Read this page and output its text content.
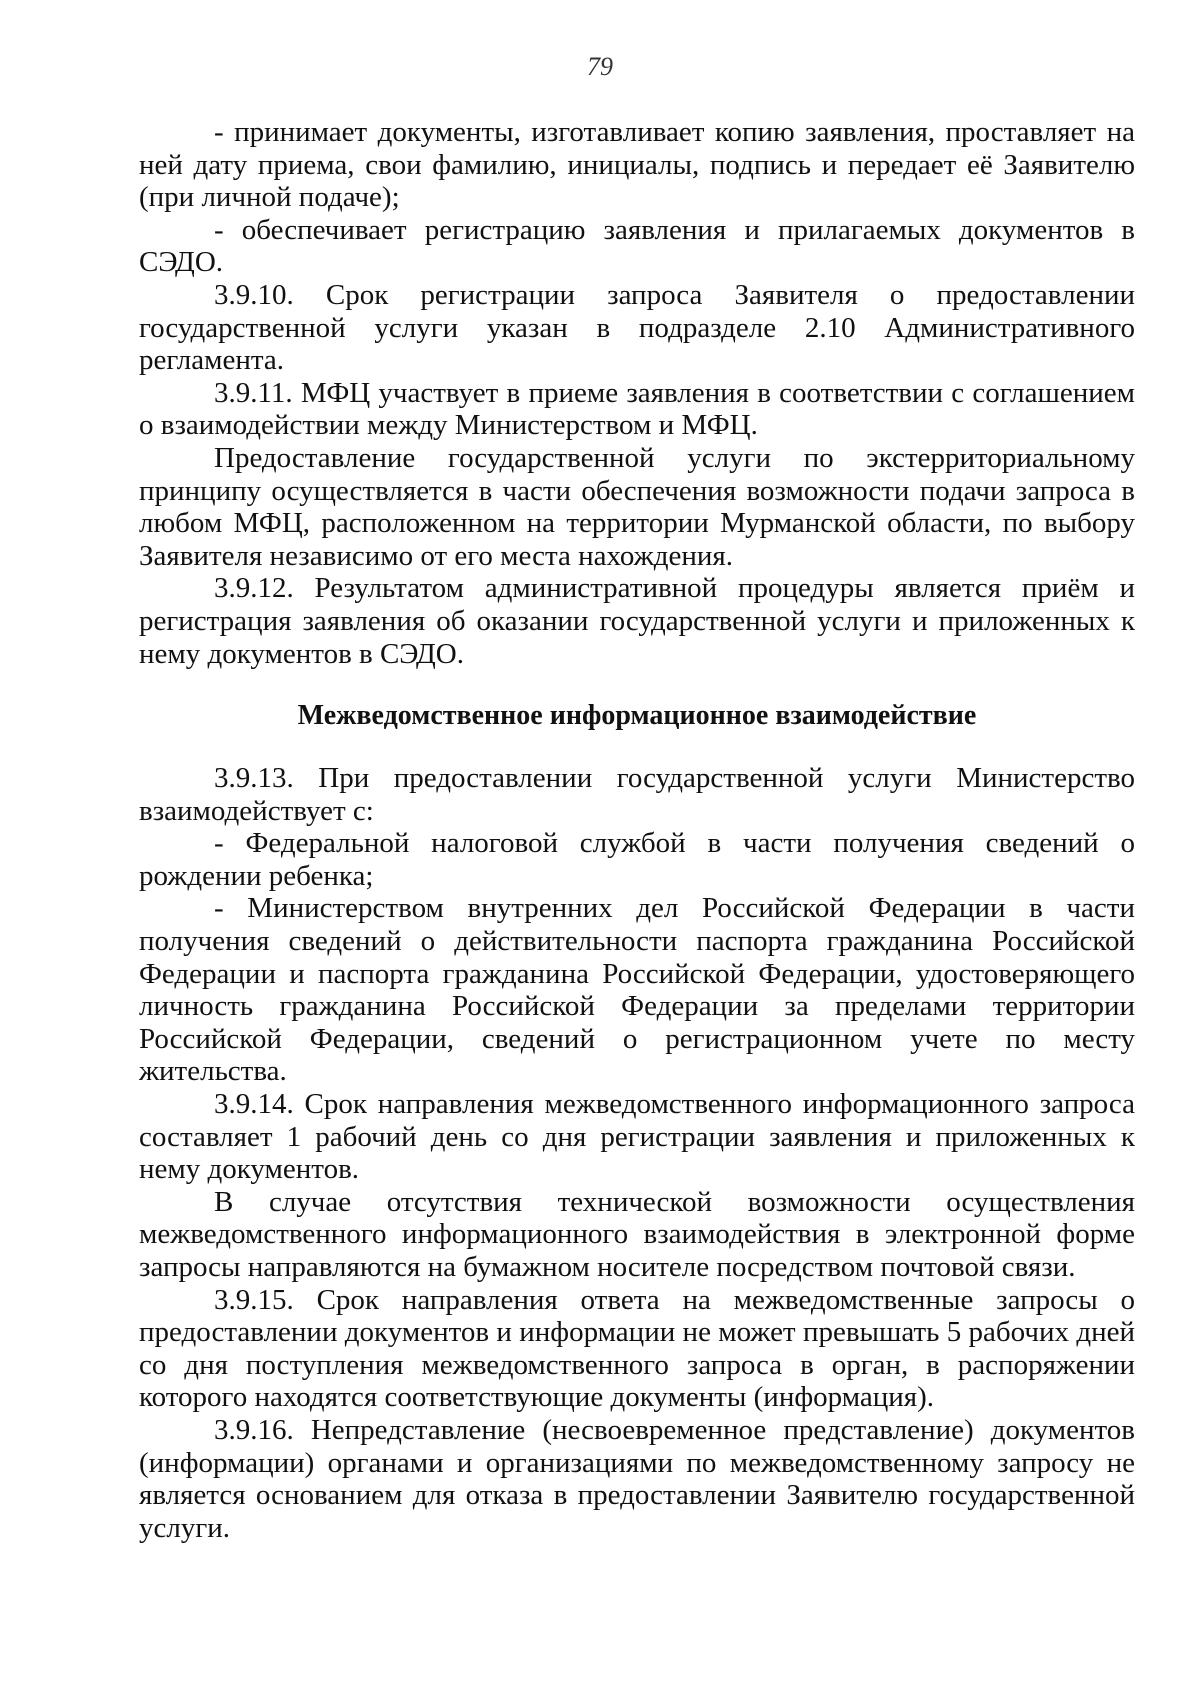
79

- принимает документы, изготавливает копию заявления, проставляет на ней дату приема, свои фамилию, инициалы, подпись и передает её Заявителю (при личной подаче);

- обеспечивает регистрацию заявления и прилагаемых документов в СЭДО.

3.9.10. Срок регистрации запроса Заявителя о предоставлении государственной услуги указан в подразделе 2.10 Административного регламента.

3.9.11. МФЦ участвует в приеме заявления в соответствии с соглашением о взаимодействии между Министерством и МФЦ.

Предоставление государственной услуги по экстерриториальному принципу осуществляется в части обеспечения возможности подачи запроса в любом МФЦ, расположенном на территории Мурманской области, по выбору Заявителя независимо от его места нахождения.

3.9.12. Результатом административной процедуры является приём и регистрация заявления об оказании государственной услуги и приложенных к нему документов в СЭДО.

Межведомственное информационное взаимодействие

3.9.13. При предоставлении государственной услуги Министерство взаимодействует с:

- Федеральной налоговой службой в части получения сведений о рождении ребенка;

- Министерством внутренних дел Российской Федерации в части получения сведений о действительности паспорта гражданина Российской Федерации и паспорта гражданина Российской Федерации, удостоверяющего личность гражданина Российской Федерации за пределами территории Российской Федерации, сведений о регистрационном учете по месту жительства.

3.9.14. Срок направления межведомственного информационного запроса составляет 1 рабочий день со дня регистрации заявления и приложенных к нему документов.

В случае отсутствия технической возможности осуществления межведомственного информационного взаимодействия в электронной форме запросы направляются на бумажном носителе посредством почтовой связи.

3.9.15. Срок направления ответа на межведомственные запросы о предоставлении документов и информации не может превышать 5 рабочих дней со дня поступления межведомственного запроса в орган, в распоряжении которого находятся соответствующие документы (информация).

3.9.16. Непредставление (несвоевременное представление) документов (информации) органами и организациями по межведомственному запросу не является основанием для отказа в предоставлении Заявителю государственной услуги.
